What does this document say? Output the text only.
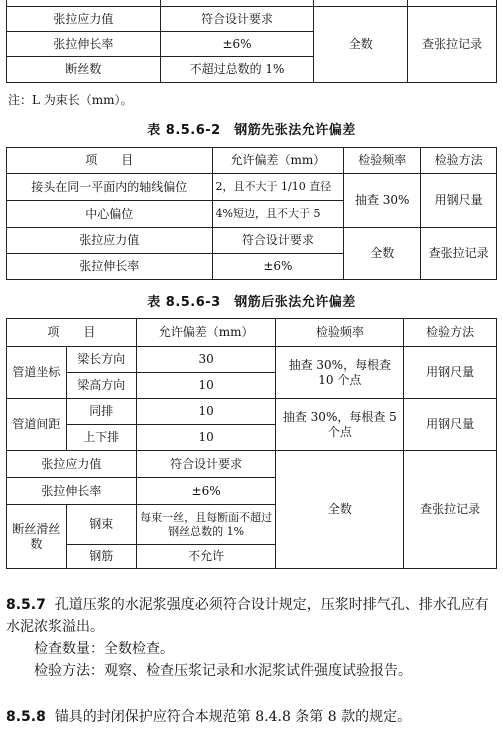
张拉应力值	符合设计要求	全数	查张拉记录
张拉伸长率	±6%		
断丝数	不超过总数的 1%		
注：L 为束长（mm）。
表 8.5.6-2　钢筋先张法允许偏差
项　　目	允许偏差（mm）	检验频率	检验方法
接头在同一平面内的轴线偏位	2，且不大于 1/10 直径	抽查 30%	用钢尺量
中心偏位	4%短边，且不大于 5		
张拉应力值	符合设计要求	全数	查张拉记录
张拉伸长率	±6%		
表 8.5.6-3　钢筋后张法允许偏差
项　　目		允许偏差（mm）	检验频率	检验方法
管道坐标	梁长方向	30	抽查 30%，每根查 10 个点	用钢尺量
	梁高方向	10		
管道间距	同排	10	抽查 30%，每根查 5 个点	用钢尺量
	上下排	10		
张拉应力值		符合设计要求	全数	查张拉记录
张拉伸长率		±6%		
断丝滑丝数	钢束	每束一丝，且每断面不超过钢丝总数的 1%		
	钢筋	不允许		
8.5.7 孔道压浆的水泥浆强度必须符合设计规定，压浆时排气孔、排水孔应有水泥浓浆溢出。
检查数量：全数检查。
检验方法：观察、检查压浆记录和水泥浆试件强度试验报告。
8.5.8 锚具的封闭保护应符合本规范第 8.4.8 条第 8 款的规定。
